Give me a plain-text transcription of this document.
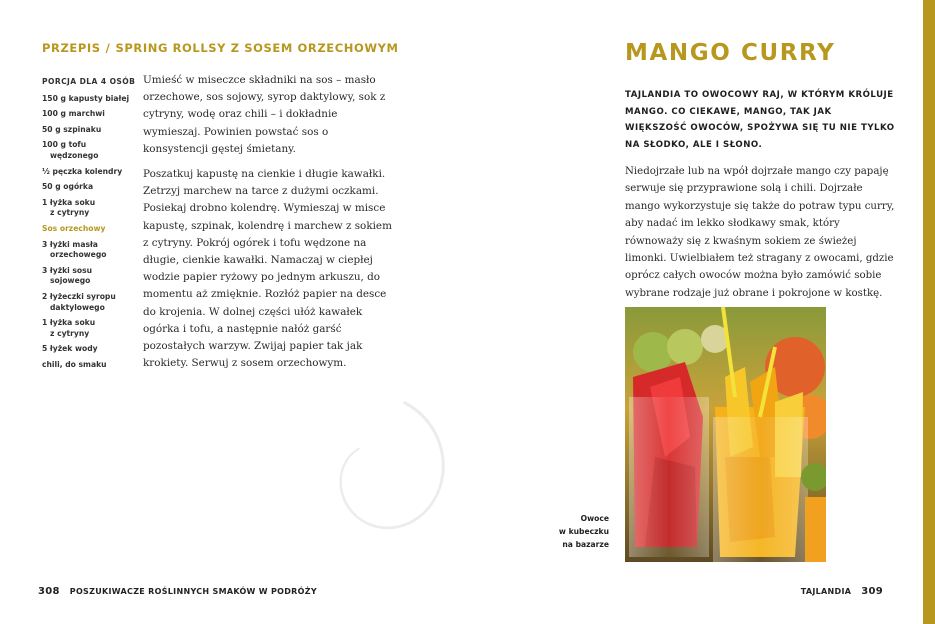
PRZEPIS / SPRING ROLLSY Z SOSEM ORZECHOWYM
PORCJA DLA 4 OSÓB
150 g kapusty białej
100 g marchwi
50 g szpinaku
100 g tofu
wędzonego
½ pęczka kolendry
50 g ogórka
1 łyżka soku
z cytryny
Sos orzechowy
3 łyżki masła
orzechowego
3 łyżki sosu
sojowego
2 łyżeczki syropu
daktylowego
1 łyżka soku
z cytryny
5 łyżek wody
chili, do smaku

Umieść w miseczce składniki na sos – masło orzechowe, sos sojowy, syrop daktylowy, sok z cytryny, wodę oraz chili – i dokładnie wymieszaj. Powinien powstać sos o konsystencji gęstej śmietany.

Poszatkuj kapustę na cienkie i długie kawałki. Zetrzyj marchew na tarce z dużymi oczkami. Posiekaj drobno kolendrę. Wymieszaj w misce kapustę, szpinak, kolendrę i marchew z sokiem z cytryny. Pokrój ogórek i tofu wędzone na długie, cienkie kawałki. Namaczaj w ciepłej wodzie papier ryżowy po jednym arkuszu, do momentu aż zmięknie. Rozłóż papier na desce do krojenia. W dolnej części ułóż kawałek ogórka i tofu, a następnie nałóż garść pozostałych warzyw. Zwijaj papier tak jak krokiety. Serwuj z sosem orzechowym.

308 POSZUKIWACZE ROŚLINNYCH SMAKÓW W PODRÓŻY
MANGO CURRY
TAJLANDIA TO OWOCOWY RAJ, W KTÓRYM KRÓLUJE MANGO. CO CIEKAWE, MANGO, TAK JAK WIĘKSZOŚĆ OWOCÓW, SPOŻYWA SIĘ TU NIE TYLKO NA SŁODKO, ALE I SŁONO.
Niedojrzałe lub na wpół dojrzałe mango czy papaję serwuje się przyprawione solą i chili. Dojrzałe mango wykorzystuje się także do potraw typu curry, aby nadać im lekko słodkawy smak, który równoważy się z kwaśnym sokiem ze świeżej limonki. Uwielbiałem też straganу z owocami, gdzie oprócz całych owoców można było zamówić sobie wybrane rodzaje już obrane i pokrojone w kostkę.
Owoce
w kubeczku
na bazarze
TAJLANDIA 309
